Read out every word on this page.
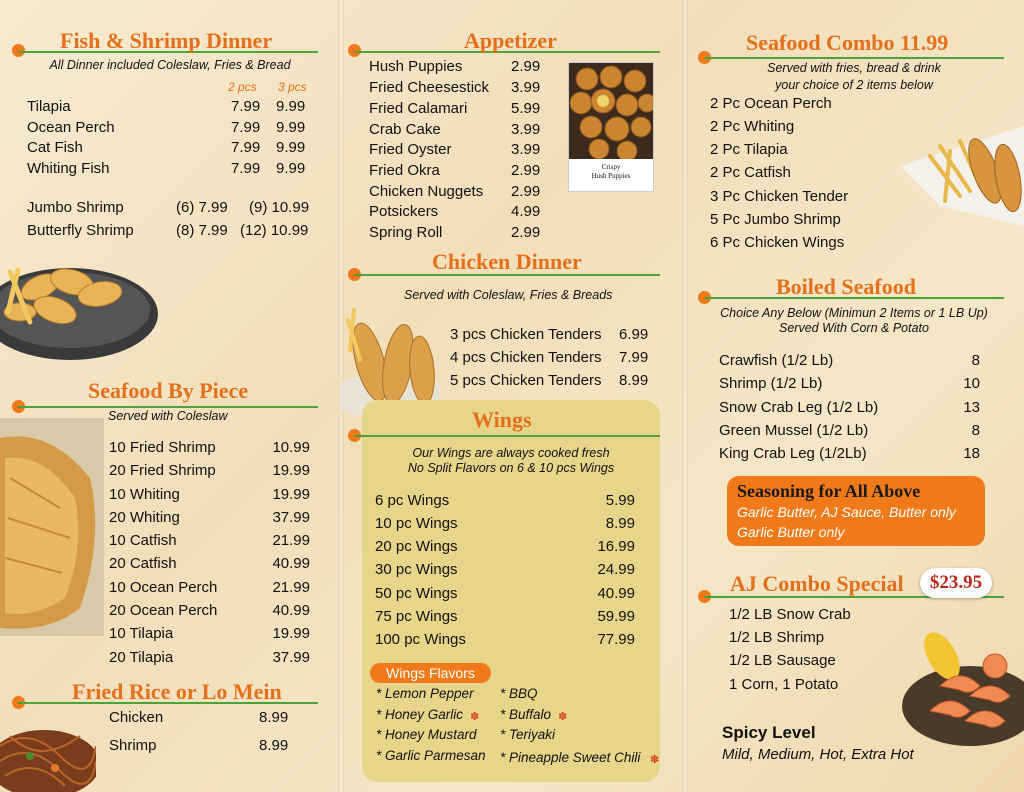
Fish & Shrimp Dinner
All Dinner included Coleslaw, Fries & Bread
2 pcs 3 pcs
Tilapia	7.99 9.99
Ocean Perch	7.99 9.99
Cat Fish	7.99 9.99
Whiting Fish	7.99 9.99
Jumbo Shrimp	(6) 7.99 (9) 10.99
Butterfly Shrimp	(8) 7.99 (12) 10.99
Seafood By Piece
Served with Coleslaw
10 Fried Shrimp	10.99
20 Fried Shrimp	19.99
10 Whiting	19.99
20 Whiting	37.99
10 Catfish	21.99
20 Catfish	40.99
10 Ocean Perch	21.99
20 Ocean Perch	40.99
10 Tilapia	19.99
20 Tilapia	37.99
Fried Rice or Lo Mein
Chicken	8.99
Shrimp	8.99
Appetizer
Hush Puppies	2.99
Fried Cheesestick 3.99
Fried Calamari	5.99
Crab Cake	3.99
Fried Oyster	3.99
Fried Okra	2.99
Chicken Nuggets 2.99
Potsickers	4.99
Spring Roll	2.99
Crispy
Hush Puppies
Chicken Dinner
Served with Coleslaw, Fries & Breads
3 pcs Chicken Tenders 6.99
4 pcs Chicken Tenders 7.99
5 pcs Chicken Tenders 8.99
Wings
Our Wings are always cooked fresh
No Split Flavors on 6 & 10 pcs Wings
6 pc Wings	5.99
10 pc Wings	8.99
20 pc Wings	16.99
30 pc Wings	24.99
50 pc Wings	40.99
75 pc Wings	59.99
100 pc Wings	77.99
Wings Flavors
* Lemon Pepper
* Honey Garlic ✽
* Honey Mustard
* Garlic Parmesan
* BBQ
* Buffalo ✽
* Teriyaki
* Pineapple Sweet Chili ✽
Seafood Combo 11.99
Served with fries, bread & drink
your choice of 2 items below
2 Pc Ocean Perch
2 Pc Whiting
2 Pc Tilapia
2 Pc Catfish
3 Pc Chicken Tender
5 Pc Jumbo Shrimp
6 Pc Chicken Wings
Boiled Seafood
Choice Any Below (Minimun 2 Items or 1 LB Up)
Served With Corn & Potato
Crawfish (1/2 Lb)	8
Shrimp (1/2 Lb)	10
Snow Crab Leg (1/2 Lb)	13
Green Mussel (1/2 Lb)	8
King Crab Leg (1/2Lb)	18
Seasoning for All Above
Garlic Butter, AJ Sauce, Butter only
Garlic Butter only
AJ Combo Special	$23.95
1/2 LB Snow Crab
1/2 LB Shrimp
1/2 LB Sausage
1 Corn, 1 Potato
Spicy Level
Mild, Medium, Hot, Extra Hot
